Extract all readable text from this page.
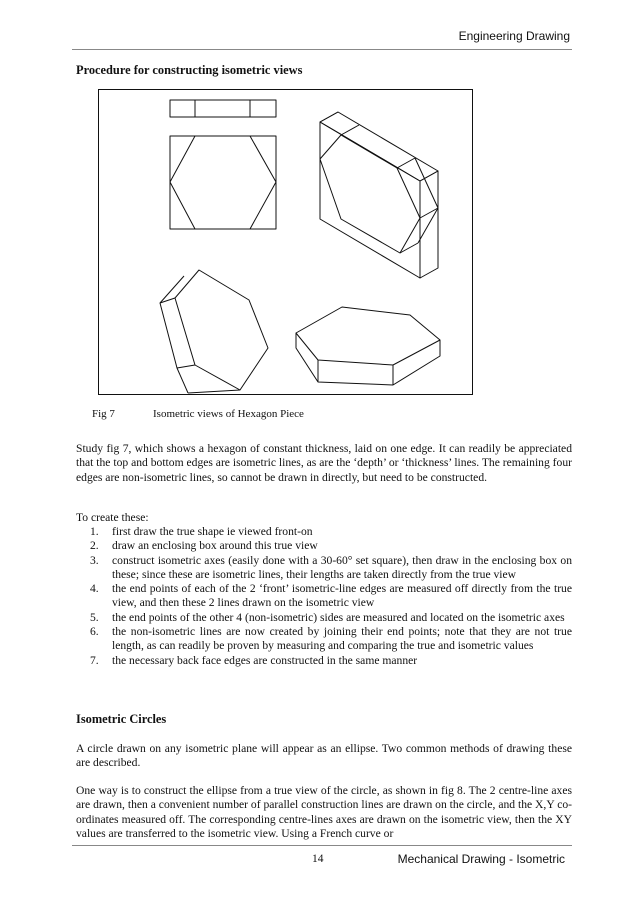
Engineering Drawing
Procedure for constructing isometric views
Fig 7	Isometric views of Hexagon Piece

Study fig 7, which shows a hexagon of constant thickness, laid on one edge. It can readily be appreciated that the top and bottom edges are isometric lines, as are the ‘depth’ or ‘thickness’ lines. The remaining four edges are non-isometric lines, so cannot be drawn in directly, but need to be constructed.

To create these:

1. first draw the true shape ie viewed front-on
2. draw an enclosing box around this true view
3. construct isometric axes (easily done with a 30-60° set square), then draw in the enclosing box on these; since these are isometric lines, their lengths are taken directly from the true view
4. the end points of each of the 2 ‘front’ isometric-line edges are measured off directly from the true view, and then these 2 lines drawn on the isometric view
5. the end points of the other 4 (non-isometric) sides are measured and located on the isometric axes
6. the non-isometric lines are now created by joining their end points; note that they are not true length, as can readily be proven by measuring and comparing the true and isometric values
7. the necessary back face edges are constructed in the same manner
Isometric Circles

A circle drawn on any isometric plane will appear as an ellipse. Two common methods of drawing these are described.

One way is to construct the ellipse from a true view of the circle, as shown in fig 8. The 2 centre-line axes are drawn, then a convenient number of parallel construction lines are drawn on the circle, and the X,Y co-ordinates measured off. The corresponding centre-lines axes are drawn on the isometric view, then the XY values are transferred to the isometric view. Using a French curve or

14	Mechanical Drawing - Isometric
